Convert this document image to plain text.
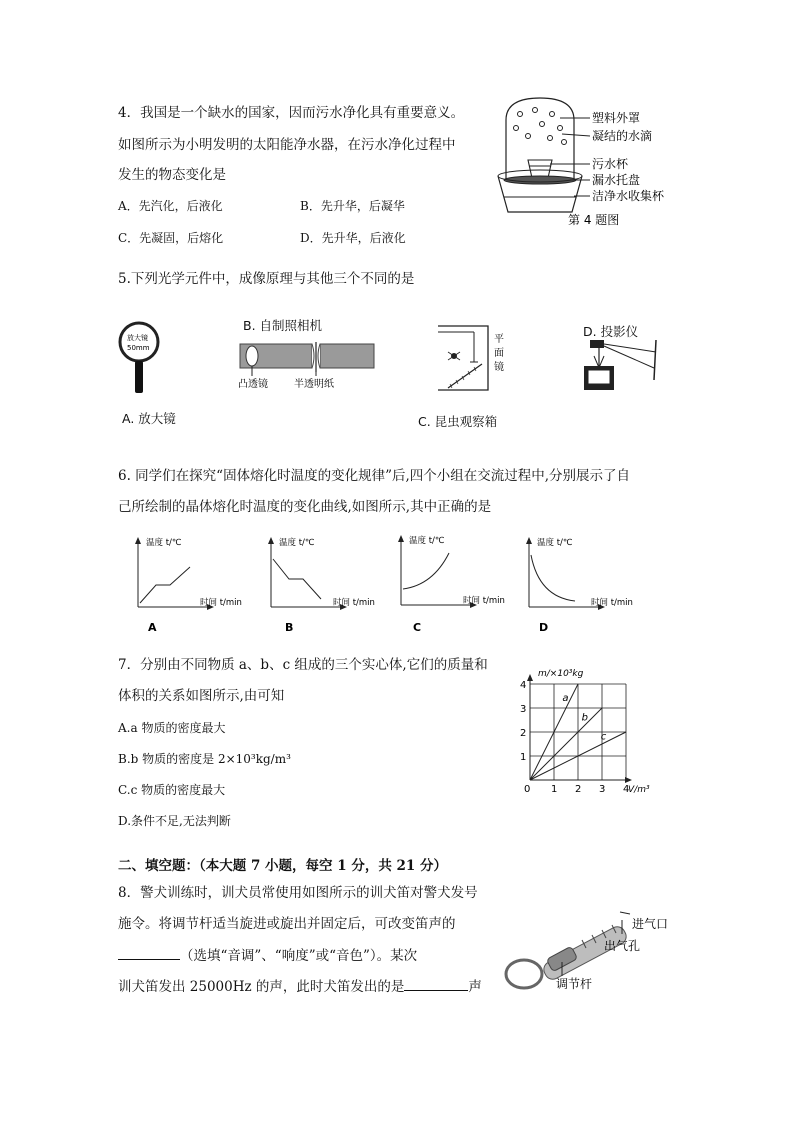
4．我国是一个缺水的国家，因而污水净化具有重要意义。
如图所示为小明发明的太阳能净水器，在污水净化过程中
发生的物态变化是
A．先汽化，后液化	B．先升华，后凝华
C．先凝固，后熔化	D．先升华，后液化
塑料外罩
凝结的水滴
污水杯
漏水托盘
洁净水收集杯
第 4 题图
5.下列光学元件中，成像原理与其他三个不同的是
放大镜
50mm
A. 放大镜
B. 自制照相机
凸透镜	半透明纸
平
面
镜
C. 昆虫观察箱
D. 投影仪
6. 同学们在探究“固体熔化时温度的变化规律”后,四个小组在交流过程中,分别展示了自
己所绘制的晶体熔化时温度的变化曲线,如图所示,其中正确的是
温度 t/℃
时间 t/min
A
温度 t/℃
时间 t/min
B
温度 t/℃
时间 t/min
C
温度 t/℃
时间 t/min
D
7．分别由不同物质 a、b、c 组成的三个实心体,它们的质量和
体积的关系如图所示,由可知
A.a 物质的密度最大
B.b 物质的密度是 2×10³kg/m³
C.c 物质的密度最大
D.条件不足,无法判断
m/×10³kg
V/m³
0 1 2 3 4
1
2
3
4
a
b
c
二、填空题：（本大题 7 小题，每空 1 分，共 21 分）
8．警犬训练时，训犬员常使用如图所示的训犬笛对警犬发号
施令。将调节杆适当旋进或旋出并固定后，可改变笛声的
（选填“音调”、“响度”或“音色”）。某次
训犬笛发出 25000Hz 的声，此时犬笛发出的是	声
进气口
出气孔
调节杆
